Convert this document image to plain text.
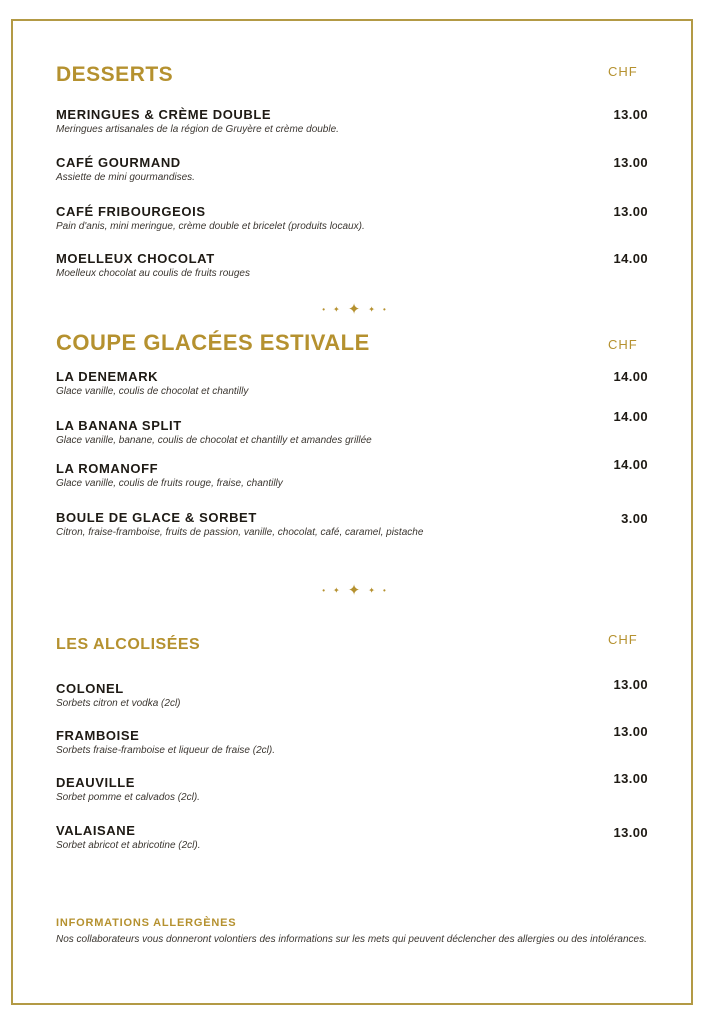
DESSERTS	CHF
MERINGUES & CRÈME DOUBLE
Meringues artisanales de la région de Gruyère et crème double.
13.00
CAFÉ GOURMAND
Assiette de mini gourmandises.
13.00
CAFÉ FRIBOURGEOIS
Pain d'anis, mini meringue, crème double et bricelet (produits locaux).
13.00
MOELLEUX CHOCOLAT
Moelleux chocolat au coulis de fruits rouges
14.00
• ✦ ✦ ✦ •
COUPE GLACÉES ESTIVALE	CHF
LA DENEMARK
Glace vanille, coulis de chocolat et chantilly
14.00
LA BANANA SPLIT
Glace vanille, banane, coulis de chocolat et chantilly et amandes grillée
14.00
LA ROMANOFF
Glace vanille, coulis de fruits rouge, fraise, chantilly
14.00
BOULE DE GLACE & SORBET
Citron, fraise-framboise, fruits de passion, vanille, chocolat, café, caramel, pistache
3.00
• ✦ ✦ ✦ •
LES ALCOLISÉES	CHF
COLONEL
Sorbets citron et vodka (2cl)
13.00
FRAMBOISE
Sorbets fraise-framboise et liqueur de fraise (2cl).
13.00
DEAUVILLE
Sorbet pomme et calvados (2cl).
13.00
VALAISANE
Sorbet abricot et abricotine (2cl).
13.00
INFORMATIONS ALLERGÈNES
Nos collaborateurs vous donneront volontiers des informations sur les mets qui peuvent déclencher des allergies ou des intolérances.
